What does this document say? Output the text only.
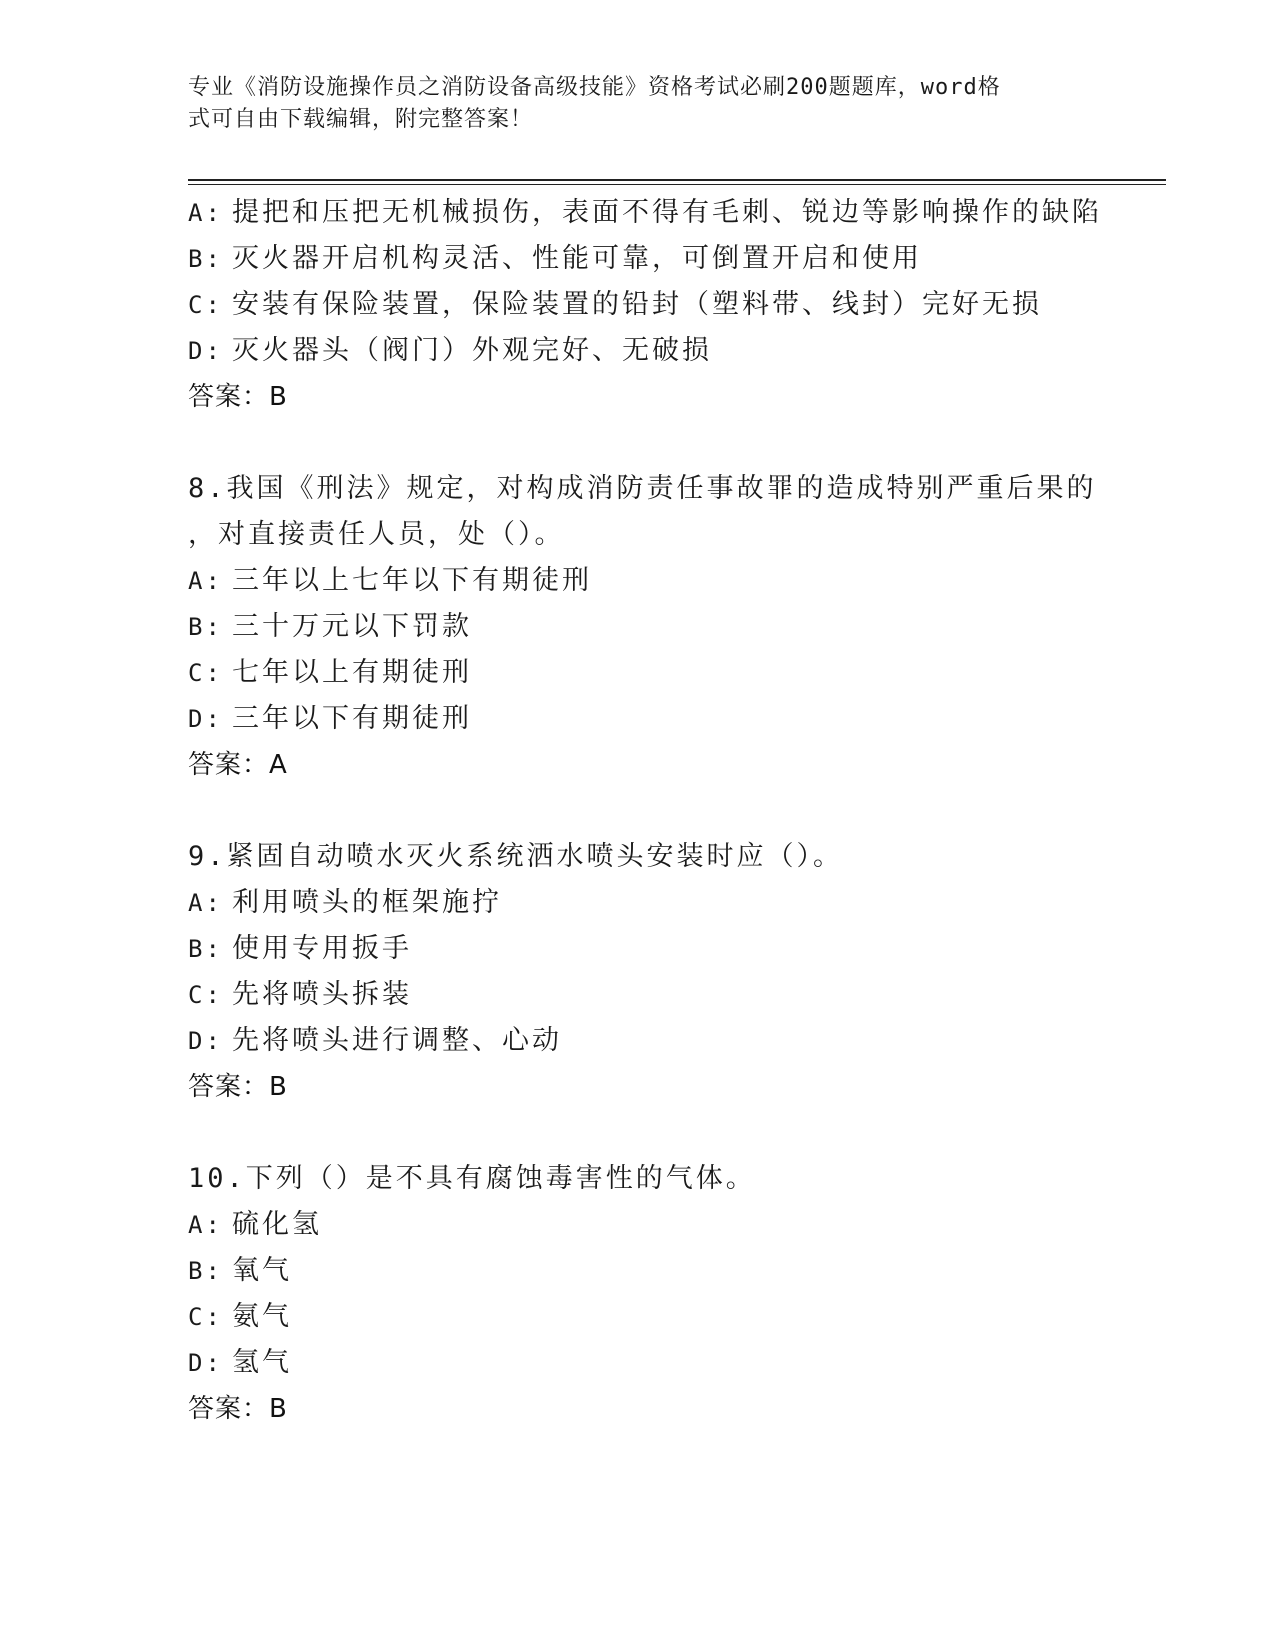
专业《消防设施操作员之消防设备高级技能》资格考试必刷200题题库，word格
式可自由下载编辑，附完整答案！
A: 提把和压把无机械损伤，表面不得有毛刺、锐边等影响操作的缺陷
B: 灭火器开启机构灵活、性能可靠，可倒置开启和使用
C: 安装有保险装置，保险装置的铅封（塑料带、线封）完好无损
D: 灭火器头（阀门）外观完好、无破损
答案：B
8.我国《刑法》规定，对构成消防责任事故罪的造成特别严重后果的
，对直接责任人员，处（）。
A: 三年以上七年以下有期徒刑
B: 三十万元以下罚款
C: 七年以上有期徒刑
D: 三年以下有期徒刑
答案：A
9.紧固自动喷水灭火系统洒水喷头安装时应（）。
A: 利用喷头的框架施拧
B: 使用专用扳手
C: 先将喷头拆装
D: 先将喷头进行调整、心动
答案：B
10.下列（）是不具有腐蚀毒害性的气体。
A: 硫化氢
B: 氧气
C: 氨气
D: 氢气
答案：B
